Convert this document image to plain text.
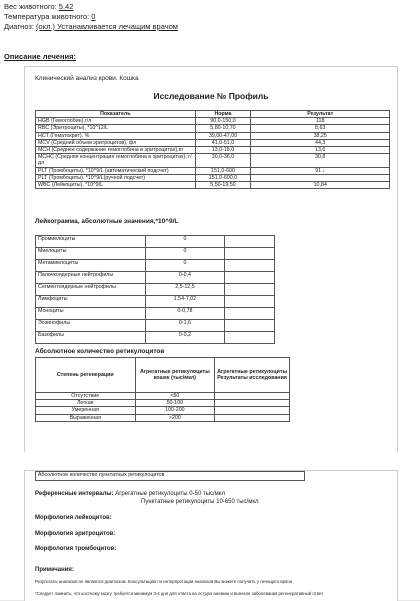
Вес животного: 5.42
Температура животного: 0
Диагноз: (окл.) Устанавливается лечащим врачом
Описание лечения:
Клинический анализ крови. Кошка
Исследование № Профиль
Показатель	Норма	Результат
HGB (Гемоглобин),г/л	90,0-150,0	118
RBC (Эритроциты), *10^12/L	5,80-10,70	8,63
HCT (Гематокрит), %	39,00-47,00	38,25
MCV (Средний объем эритроцитов), фл	41,0-51,0	44,3
MCH (Среднее содержание гемоглобина в эритроцитах),пг	13,0-18,0	13,6
MCHC (Средняя концентрация гемоглобина в эритроцитах), г/дл	30,0-36,0	30,8
PLT (Тромбоциты), *10^9/L (автоматический подсчет)	151,0-600	91 ↓
PLT (Тромбоциты), *10^9/L(ручной подсчет)	151,0-600,0	
WBC (Лейкоциты), *10^9/L	5,50-19,50	10,84
Лейкограмма, абсолютные значения,*10^9/L
Промиелоциты	0	
Миелоциты	0	
Метамиелоциты	0	
Палочкоядерные нейтрофилы	0-0,4	
Сегментоядерные нейтрофилы	2,5-12,5	
Лимфоциты	1,54-7,02	
Моноциты	0-0,78	
Эозинофилы	0-1,6	
Базофилы	0-0,2	
Абсолютное количество ретикулоцитов
Степень регенерации	Агрегатные ретикулоциты кошек (тыс/мкл)	Агрегатные ретикулоциты Результаты исследования
Отсутствие	<50	
Легкая	50-100	
Умеренная	100-200	
Выраженная	>200	
Абсолютное количество пунктатных ретикулоцитов
Референсные интервалы: Агрегатные ретикулоциты 0-50 тыс/мкл
Пунктатные ретикулоциты 10-650 тыс/мкл
Морфология лейкоцитов:
Морфология эритроцитов:
Морфология тромбоцитов:
Примечания:
Результаты анализов не являются диагнозом. Консультацию по интерпретации анализов Вы можете получить у лечащего врача
*Следует помнить, что костному мозгу требуется минимум 3-4 дня для ответа на острую анемию и вначале заболевания регенеративный ответ
